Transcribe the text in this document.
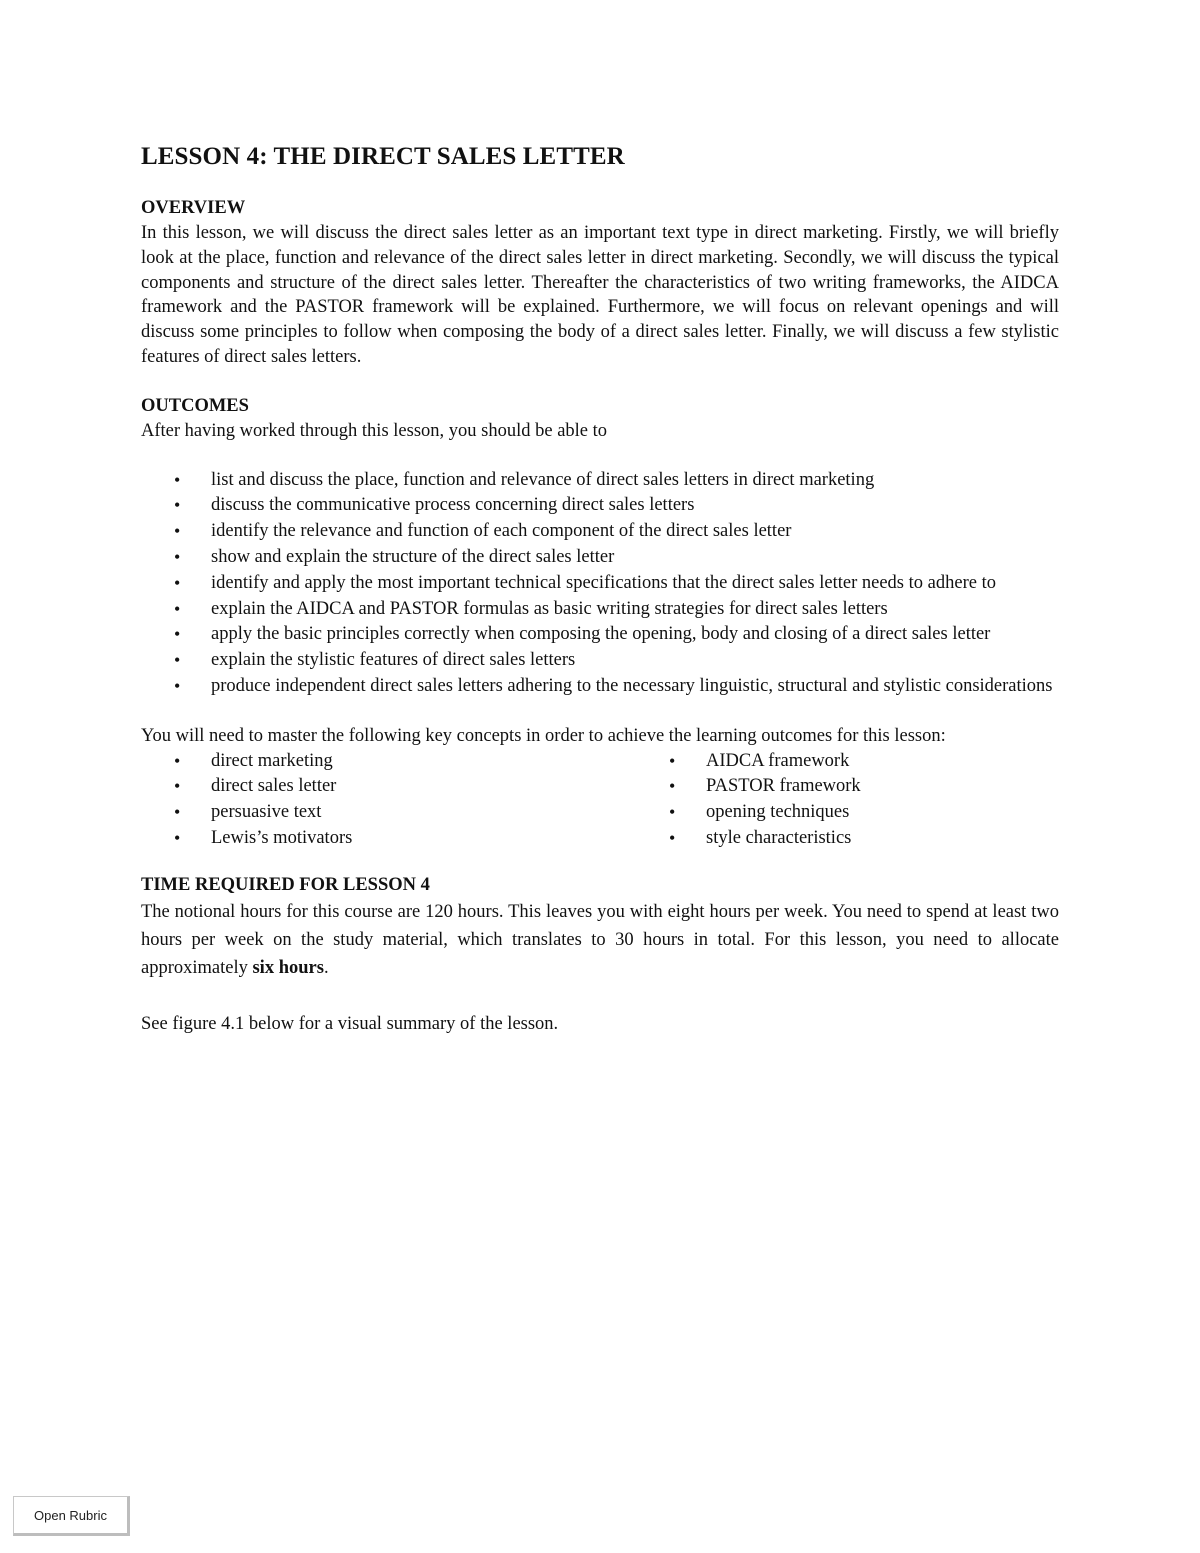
LESSON 4: THE DIRECT SALES LETTER
OVERVIEW

In this lesson, we will discuss the direct sales letter as an important text type in direct marketing. Firstly, we will briefly look at the place, function and relevance of the direct sales letter in direct marketing. Secondly, we will discuss the typical components and structure of the direct sales letter. Thereafter the characteristics of two writing frameworks, the AIDCA framework and the PASTOR framework will be explained. Furthermore, we will focus on relevant openings and will discuss some principles to follow when composing the body of a direct sales letter. Finally, we will discuss a few stylistic features of direct sales letters.

OUTCOMES

After having worked through this lesson, you should be able to

• list and discuss the place, function and relevance of direct sales letters in direct marketing
• discuss the communicative process concerning direct sales letters
• identify the relevance and function of each component of the direct sales letter
• show and explain the structure of the direct sales letter
• identify and apply the most important technical specifications that the direct sales letter needs to adhere to
• explain the AIDCA and PASTOR formulas as basic writing strategies for direct sales letters
• apply the basic principles correctly when composing the opening, body and closing of a direct sales letter
• explain the stylistic features of direct sales letters
• produce independent direct sales letters adhering to the necessary linguistic, structural and stylistic considerations

You will need to master the following key concepts in order to achieve the learning outcomes for this lesson:

• direct marketing
• direct sales letter
• persuasive text
• Lewis’s motivators
• AIDCA framework
• PASTOR framework
• opening techniques
• style characteristics
TIME REQUIRED FOR LESSON 4

The notional hours for this course are 120 hours. This leaves you with eight hours per week. You need to spend at least two hours per week on the study material, which translates to 30 hours in total. For this lesson, you need to allocate approximately six hours.

See figure 4.1 below for a visual summary of the lesson.

Open Rubric
